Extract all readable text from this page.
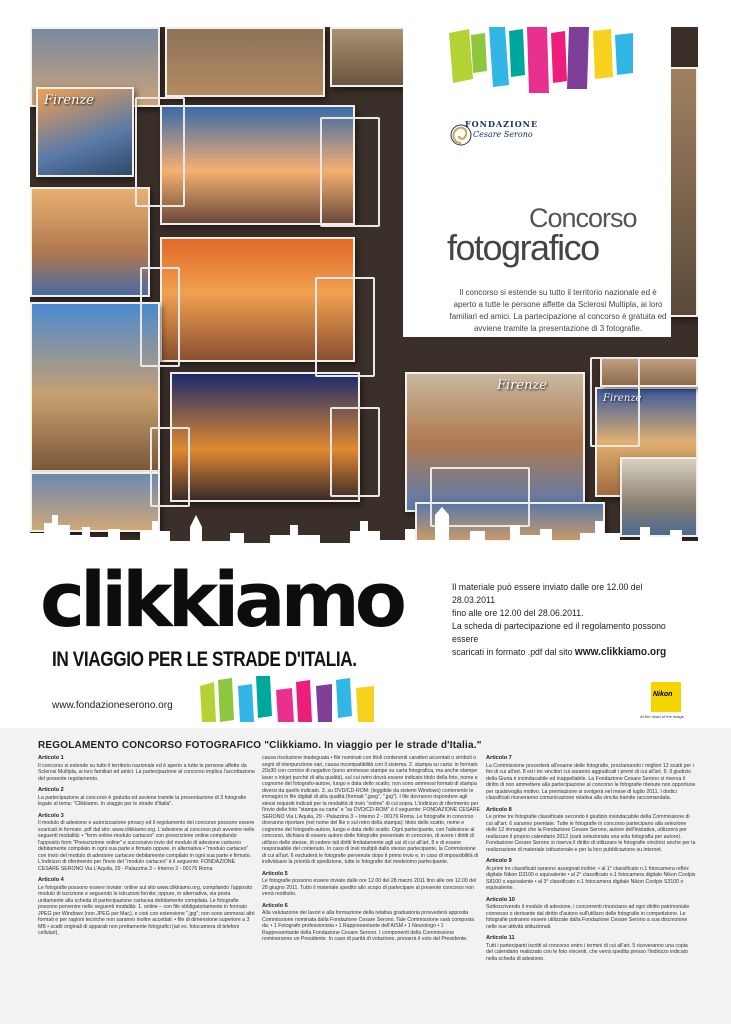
Firenze
Firenze
Firenze
FONDAZIONE
Cesare Serono
Concorso
fotografico

Il concorso si estende su tutto il territorio nazionale ed è aperto a tutte le persone affette da Sclerosi Multipla, ai loro familiari ed amici. La partecipazione al concorso è gratuita ed avviene tramite la presentazione di 3 fotografie.

clikkiamo
IN VIAGGIO PER LE STRADE D'ITALIA.
Il materiale può essere inviato dalle ore 12.00 del 28.03.2011
fino alle ore 12.00 del 28.06.2011.
La scheda di partecipazione ed il regolamento possono essere
scaricati in formato .pdf dal sito www.clikkiamo.org
www.fondazioneserono.org
Nikon
At the heart of the image
REGOLAMENTO CONCORSO FOTOGRAFICO "Clikkiamo. In viaggio per le strade d'Italia."
Articolo 1

Il concorso si estende su tutto il territorio nazionale ed è aperto a tutte le persone affette da Sclerosi Multipla, ai loro familiari ed amici. La partecipazione al concorso implica l'accettazione del presente regolamento.

Articolo 2

La partecipazione al concorso è gratuita ed avviene tramite la presentazione di 3 fotografie legate al tema: "Clikkiamo. In viaggio per le strade d'Italia".

Articolo 3

Il modulo di adesione e autorizzazione privacy ed il regolamento del concorso possono essere scaricati in formato .pdf dal sito: www.clikkiamo.org. L'adesione al concorso può avvenire nelle seguenti modalità: • "form online-modulo cartaceo" con prescrizione online compilando l'apposito form "Preiscrizione online" e successivo invio del modulo di adesione cartaceo debitamente compilato in ogni sua parte e firmato oppure, in alternativa • "modulo cartaceo" con invio del modulo di adesione cartaceo debitamente compilato in ogni sua parte e firmato. L'indirizzo di riferimento per l'invio del "modulo cartaceo" è il seguente: FONDAZIONE CESARE SERONO Via L'Aquila, 29 - Palazzina 3 – Interno 2 - 00176 Roma

Articolo 4

Le fotografie possono essere inviate: online sul sito www.clikkiamo.org, compilando l'apposito modulo di iscrizione e seguendo le istruzioni fornite; oppure, in alternativa, via posta unitamente alla scheda di partecipazione cartacea debitamente compilata. Le fotografie possono pervenire nelle seguenti modalità: 1. online – con file obbligatoriamente in formato JPEG per Windows (non JPEG per Mac), e cioè con estensione ".jpg"; non sono ammessi altri formati e per ragioni tecniche non saranno inoltre accettati: • file di dimensione superiore a 3 MB • scatti originali di apparati non prettamente fotografici (ad es. fotocamera di telefoni cellulari),

causa risoluzione inadeguata • file nominati con titoli contenenti caratteri accentati o simboli o segni di interpunzione vari, causa incompatibilità con il sistema. 2. stampa su carta: in formato 20x30 con cornice di negativo (sono ammesse stampe su carta fotografica, ma anche stampe laser o inkjet purché di alta qualità), sul cui retro dovrà essere indicato titolo della foto, nome e cognome del fotografo-autore, luogo e data dello scatto; non sono ammessi formati di stampa diversi da quello indicato. 3. su DVD/CD-ROM: (leggibile da sistemi Windows) contenente le immagini in file digitali di alta qualità (formati ".jpeg", ".jpg"). I file dovranno rispondere agli stessi requisiti indicati per la modalità di invio "online" di cui sopra. L'indirizzo di riferimento per l'invio delle foto "stampa su carta" e "su DVD/CD-ROM" è il seguente: FONDAZIONE CESARE SERONO Via L'Aquila, 29 - Palazzina 3 – Interno 2 - 00176 Roma. Le fotografie in concorso dovranno riportare (nel nome del file o sul retro della stampa): titolo dello scatto, nome e cognome del fotografo-autore, luogo e data dello scatto. Ogni partecipante, con l'adesione al concorso, dichiara di essere autore delle fotografie presentate in concorso, di avere i diritti di utilizzo delle stesse, di cedere tali diritti limitatamente agli usi di cui all'art. 8 e di essere responsabile del contenuto. In caso di invii multipli dallo stesso partecipante, la Commissione di cui all'art. 6 escluderà le fotografie pervenute dopo il primo invio e, in caso di impossibilità di individuare la priorità di spedizione, tutte le fotografie del medesimo partecipante.

Articolo 5

Le fotografie possono essere inviate dalle ore 12.00 del 28 marzo 2011 fino alle ore 12.00 del 28 giugno 2011. Tutto il materiale spedito allo scopo di partecipare al presente concorso non verrà restituito.

Articolo 6

Alla valutazione dei lavori e alla formazione della relativa graduatoria provvederà apposita Commissione nominata dalla Fondazione Cesare Serono. Tale Commissione sarà composta da: • 1 Fotografo professionista • 1 Rappresentante dell'AISM • 1 Neurologo • 1 Rappresentante della Fondazione Cesare Serono. I componenti della Commissione nomineranno un Presidente. In caso di parità di votazione, prevarrà il voto del Presidente.

Articolo 7

La Commissione procederà all'esame delle fotografie, proclamando i migliori 12 scatti per i fini di cui all'art. 8 ed i tre vincitori cui saranno aggiudicati i premi di cui all'art. 9. Il giudizio della Giuria è insindacabile ed inappellabile. La Fondazione Cesare Serono si riserva il diritto di non ammettere alla partecipazione al concorso le fotografie ritenute non opportune per qualsivoglia motivo. La premiazione si svolgerà nel mese di luglio 2011. I dodici classificati riceveranno comunicazione relativa alla vincita tramite raccomandata.

Articolo 8

Le prime tre fotografie classificate secondo il giudizio insindacabile della Commissione di cui all'art. 6 saranno premiate. Tutte le fotografie in concorso partecipano alla selezione delle 12 immagini che la Fondazione Cesare Serono, autore dell'iniziativa, utilizzerà per realizzare il proprio calendario 2012 (sarà selezionata una sola fotografia per autore). Fondazione Cesare Serono si riserva il diritto di utilizzare le fotografie vincitrici anche per la realizzazione di materiale istituzionale e per la loro pubblicazione su internet.

Articolo 9

Ai primi tre classificati saranno assegnati inoltre: • al 1° classificato n.1 fotocamera reflex digitale Nikon D3100 o equivalente • al 2° classificato n.1 fotocamera digitale Nikon Coolpix S8100 o equivalente • al 3° classificato n.1 fotocamera digitale Nikon Coolpix S3100 o equivalente.

Articolo 10

Sottoscrivendo il modulo di adesione, i concorrenti rinunciano ad ogni diritto patrimoniale connesso o derivante dal diritto d'autore sull'utilizzo delle fotografie in competizione. Le fotografie potranno essere utilizzate dalla Fondazione Cesare Serono a sua discrezione nelle sue attività istituzionali.

Articolo 11

Tutti i partecipanti iscritti al concorso entro i termini di cui all'art. 5 riceveranno una copia del calendario realizzato con le foto vincenti, che verrà spedita presso l'indirizzo indicato nella scheda di adesione.
